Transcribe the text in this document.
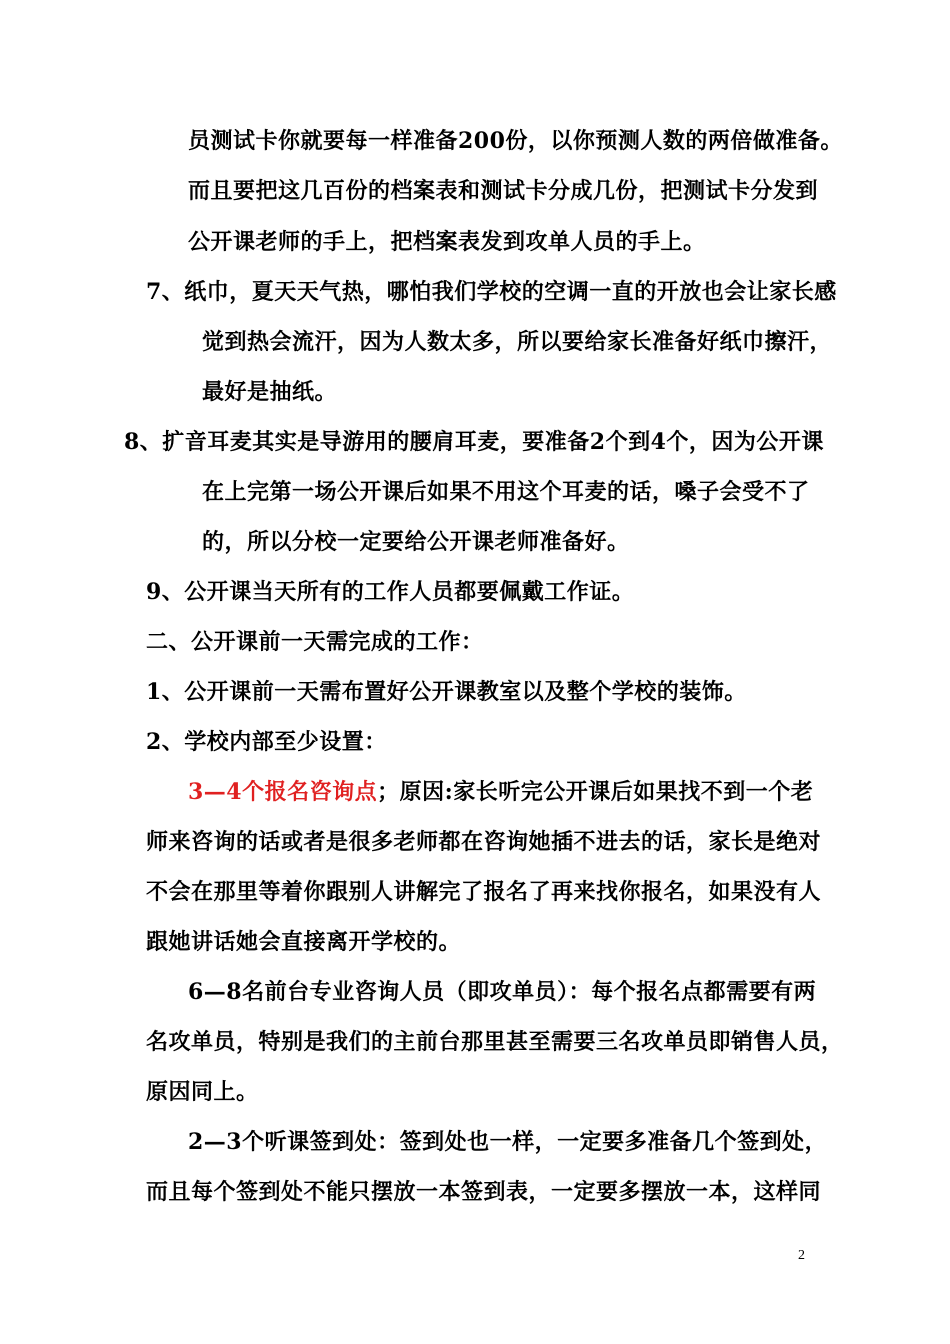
员测试卡你就要每一样准备200份，以你预测人数的两倍做准备。
而且要把这几百份的档案表和测试卡分成几份，把测试卡分发到
公开课老师的手上，把档案表发到攻单人员的手上。
7、纸巾，夏天天气热，哪怕我们学校的空调一直的开放也会让家长感
觉到热会流汗，因为人数太多，所以要给家长准备好纸巾擦汗，
最好是抽纸。
8、扩音耳麦其实是导游用的腰肩耳麦，要准备2个到4个，因为公开课
在上完第一场公开课后如果不用这个耳麦的话，嗓子会受不了
的，所以分校一定要给公开课老师准备好。
9、公开课当天所有的工作人员都要佩戴工作证。
二、公开课前一天需完成的工作：
1、公开课前一天需布置好公开课教室以及整个学校的装饰。
2、学校内部至少设置：
3—4个报名咨询点；原因:家长听完公开课后如果找不到一个老
师来咨询的话或者是很多老师都在咨询她插不进去的话，家长是绝对
不会在那里等着你跟别人讲解完了报名了再来找你报名，如果没有人
跟她讲话她会直接离开学校的。
6—8名前台专业咨询人员（即攻单员）：每个报名点都需要有两
名攻单员，特别是我们的主前台那里甚至需要三名攻单员即销售人员，
原因同上。
2—3个听课签到处：签到处也一样，一定要多准备几个签到处，
而且每个签到处不能只摆放一本签到表，一定要多摆放一本，这样同
2
